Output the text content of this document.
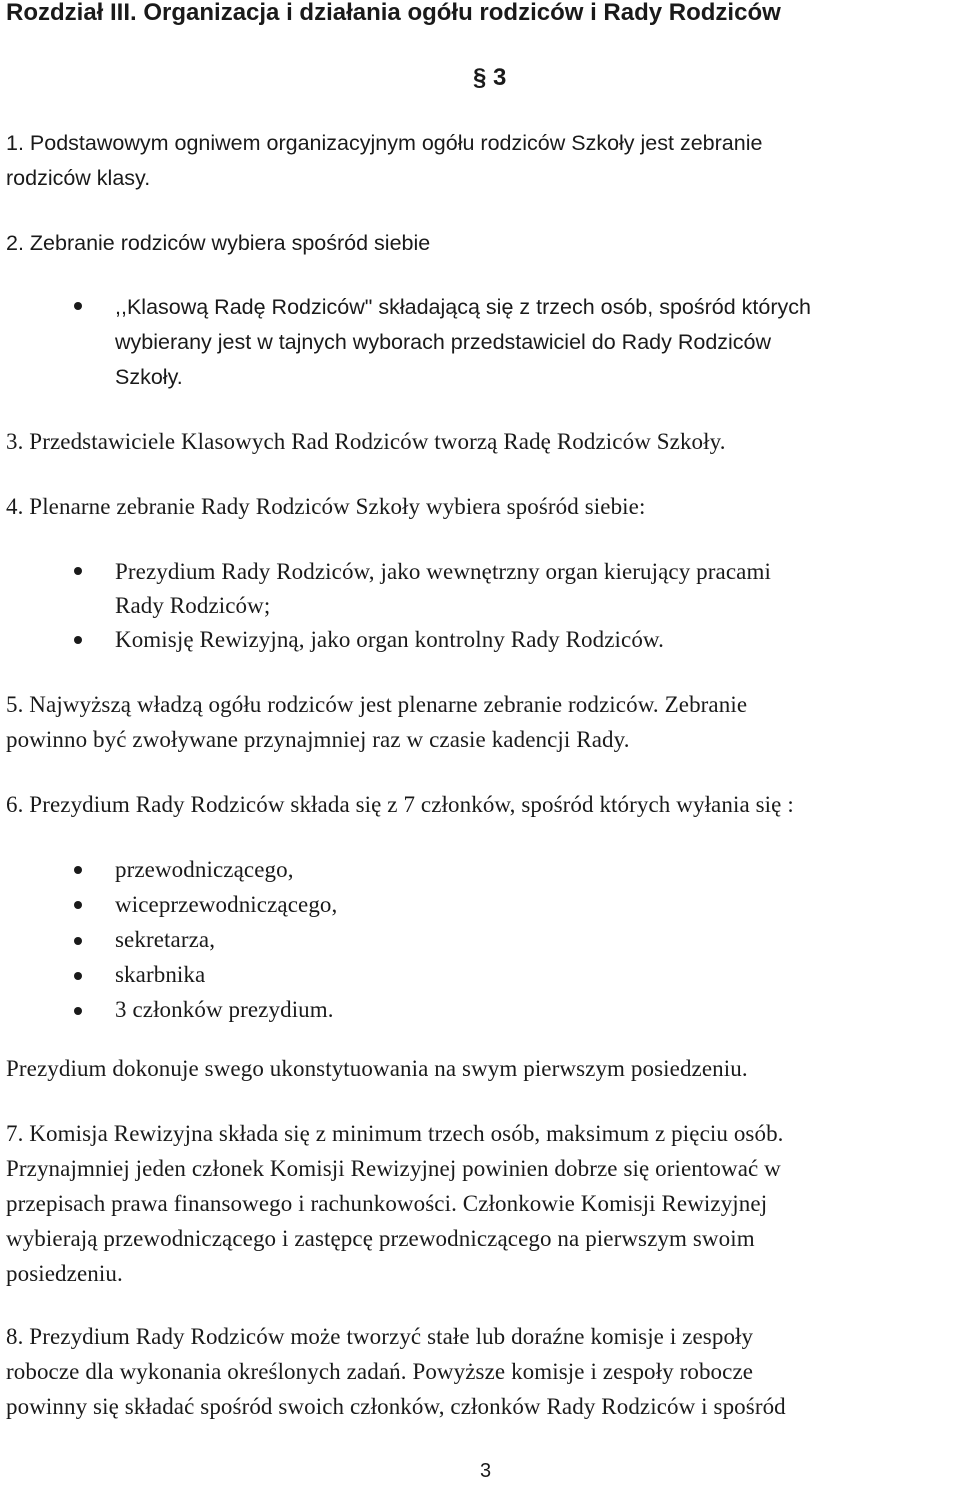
Rozdział III. Organizacja i działania ogółu rodziców i Rady Rodziców
§ 3
1. Podstawowym ogniwem organizacyjnym ogółu rodziców Szkoły jest zebranie
rodziców klasy.
2. Zebranie rodziców wybiera spośród siebie
,,Klasową Radę Rodziców" składającą się z trzech osób, spośród których
wybierany jest w tajnych wyborach przedstawiciel do Rady Rodziców
Szkoły.
3. Przedstawiciele Klasowych Rad Rodziców tworzą Radę Rodziców Szkoły.
4. Plenarne zebranie Rady Rodziców Szkoły wybiera spośród siebie:
Prezydium Rady Rodziców, jako wewnętrzny organ kierujący pracami
Rady Rodziców;
Komisję Rewizyjną, jako organ kontrolny Rady Rodziców.
5. Najwyższą władzą ogółu rodziców jest plenarne zebranie rodziców. Zebranie
powinno być zwoływane przynajmniej raz w czasie kadencji Rady.
6. Prezydium Rady Rodziców składa się z 7 członków, spośród których wyłania się :
przewodniczącego,
wiceprzewodniczącego,
sekretarza,
skarbnika
3 członków prezydium.
Prezydium dokonuje swego ukonstytuowania na swym pierwszym posiedzeniu.
7. Komisja Rewizyjna składa się z minimum trzech osób, maksimum z pięciu osób.
Przynajmniej jeden członek Komisji Rewizyjnej powinien dobrze się orientować w
przepisach prawa finansowego i rachunkowości. Członkowie Komisji Rewizyjnej
wybierają przewodniczącego i zastępcę przewodniczącego na pierwszym swoim
posiedzeniu.
8. Prezydium Rady Rodziców może tworzyć stałe lub doraźne komisje i zespoły
robocze dla wykonania określonych zadań. Powyższe komisje i zespoły robocze
powinny się składać spośród swoich członków, członków Rady Rodziców i spośród
3
